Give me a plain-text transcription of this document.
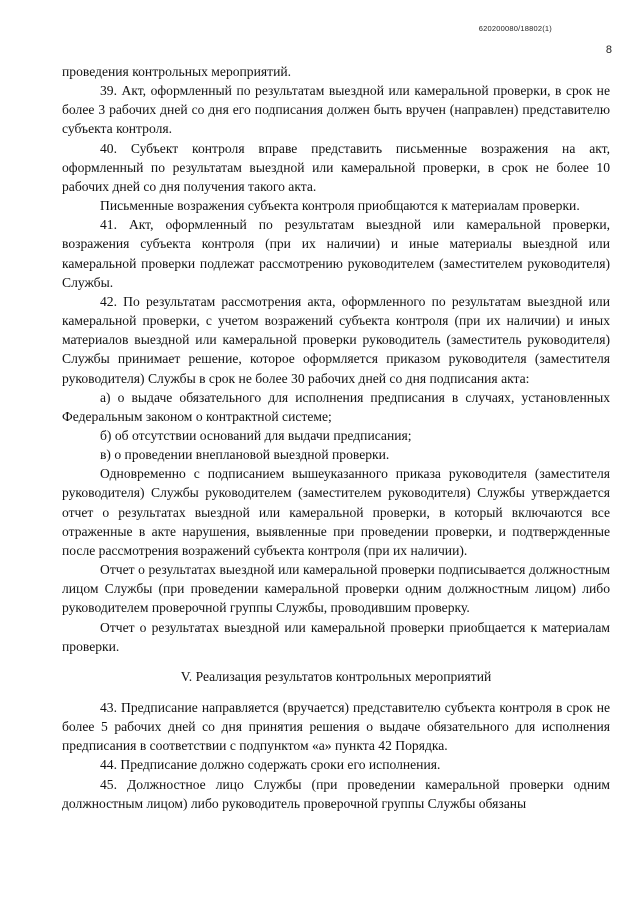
620200080/18802(1)
8

проведения контрольных мероприятий.

39. Акт, оформленный по результатам выездной или камеральной проверки, в срок не более 3 рабочих дней со дня его подписания должен быть вручен (направлен) представителю субъекта контроля.

40. Субъект контроля вправе представить письменные возражения на акт, оформленный по результатам выездной или камеральной проверки, в срок не более 10 рабочих дней со дня получения такого акта.

Письменные возражения субъекта контроля приобщаются к материалам проверки.

41. Акт, оформленный по результатам выездной или камеральной проверки, возражения субъекта контроля (при их наличии) и иные материалы выездной или камеральной проверки подлежат рассмотрению руководителем (заместителем руководителя) Службы.

42. По результатам рассмотрения акта, оформленного по результатам выездной или камеральной проверки, с учетом возражений субъекта контроля (при их наличии) и иных материалов выездной или камеральной проверки руководитель (заместитель руководителя) Службы принимает решение, которое оформляется приказом руководителя (заместителя руководителя) Службы в срок не более 30 рабочих дней со дня подписания акта:

а) о выдаче обязательного для исполнения предписания в случаях, установленных Федеральным законом о контрактной системе;

б) об отсутствии оснований для выдачи предписания;

в) о проведении внеплановой выездной проверки.

Одновременно с подписанием вышеуказанного приказа руководителя (заместителя руководителя) Службы руководителем (заместителем руководителя) Службы утверждается отчет о результатах выездной или камеральной проверки, в который включаются все отраженные в акте нарушения, выявленные при проведении проверки, и подтвержденные после рассмотрения возражений субъекта контроля (при их наличии).

Отчет о результатах выездной или камеральной проверки подписывается должностным лицом Службы (при проведении камеральной проверки одним должностным лицом) либо руководителем проверочной группы Службы, проводившим проверку.

Отчет о результатах выездной или камеральной проверки приобщается к материалам проверки.

V. Реализация результатов контрольных мероприятий

43. Предписание направляется (вручается) представителю субъекта контроля в срок не более 5 рабочих дней со дня принятия решения о выдаче обязательного для исполнения предписания в соответствии с подпунктом «а» пункта 42 Порядка.

44. Предписание должно содержать сроки его исполнения.

45. Должностное лицо Службы (при проведении камеральной проверки одним должностным лицом) либо руководитель проверочной группы Службы обязаны
